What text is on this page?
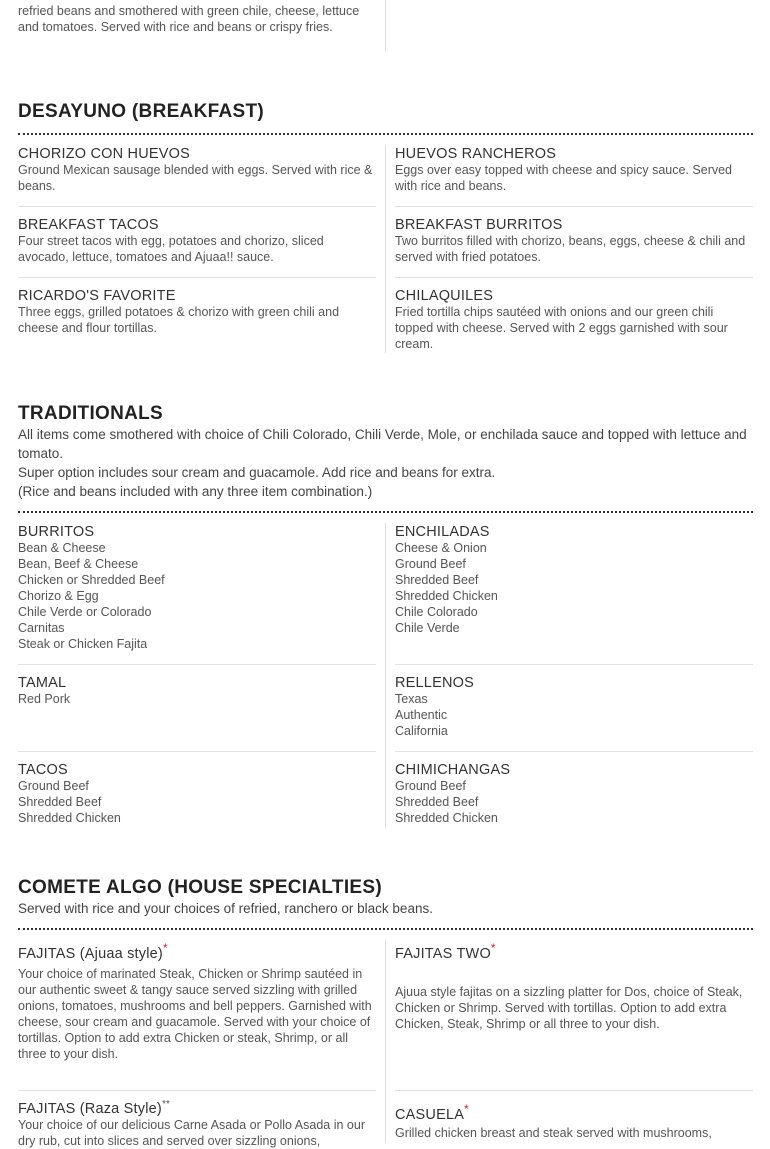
refried beans and smothered with green chile, cheese, lettuce and tomatoes. Served with rice and beans or crispy fries.

DESAYUNO (BREAKFAST)

CHORIZO CON HUEVOS

Ground Mexican sausage blended with eggs. Served with rice & beans.

HUEVOS RANCHEROS

Eggs over easy topped with cheese and spicy sauce. Served with rice and beans.

BREAKFAST TACOS

Four street tacos with egg, potatoes and chorizo, sliced avocado, lettuce, tomatoes and Ajuaa!! sauce.

BREAKFAST BURRITOS

Two burritos filled with chorizo, beans, eggs, cheese & chili and served with fried potatoes.

RICARDO'S FAVORITE

Three eggs, grilled potatoes & chorizo with green chili and cheese and flour tortillas.

CHILAQUILES

Fried tortilla chips sautéed with onions and our green chili topped with cheese. Served with 2 eggs garnished with sour cream.

TRADITIONALS

All items come smothered with choice of Chili Colorado, Chili Verde, Mole, or enchilada sauce and topped with lettuce and tomato.

Super option includes sour cream and guacamole. Add rice and beans for extra.

(Rice and beans included with any three item combination.)

BURRITOS

Bean & Cheese
Bean, Beef & Cheese
Chicken or Shredded Beef
Chorizo & Egg
Chile Verde or Colorado
Carnitas
Steak or Chicken Fajita

ENCHILADAS

Cheese & Onion
Ground Beef
Shredded Beef
Shredded Chicken
Chile Colorado
Chile Verde

TAMAL

Red Pork

RELLENOS

Texas
Authentic
California

TACOS

Ground Beef
Shredded Beef
Shredded Chicken

CHIMICHANGAS

Ground Beef
Shredded Beef
Shredded Chicken
COMETE ALGO (HOUSE SPECIALTIES)

Served with rice and your choices of refried, ranchero or black beans.

FAJITAS (Ajuaa style)*

Your choice of marinated Steak, Chicken or Shrimp sautéed in our authentic sweet & tangy sauce served sizzling with grilled onions, tomatoes, mushrooms and bell peppers. Garnished with cheese, sour cream and guacamole. Served with your choice of tortillas. Option to add extra Chicken or steak, Shrimp, or all three to your dish.

FAJITAS TWO*

Ajuua style fajitas on a sizzling platter for Dos, choice of Steak, Chicken or Shrimp. Served with tortillas. Option to add extra Chicken, Steak, Shrimp or all three to your dish.

FAJITAS (Raza Style)**

Your choice of our delicious Carne Asada or Pollo Asada in our dry rub, cut into slices and served over sizzling onions,

CASUELA*

Grilled chicken breast and steak served with mushrooms,
